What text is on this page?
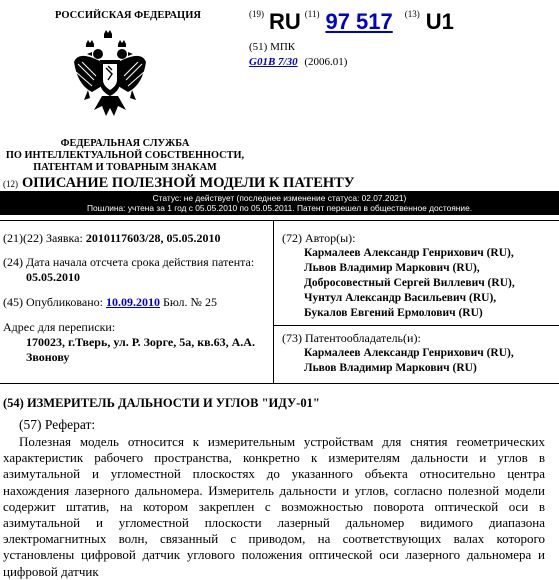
РОССИЙСКАЯ ФЕДЕРАЦИЯ
ФЕДЕРАЛЬНАЯ СЛУЖБА
ПО ИНТЕЛЛЕКТУАЛЬНОЙ СОБСТВЕННОСТИ,
ПАТЕНТАМ И ТОВАРНЫМ ЗНАКАМ
$^{(19)}$ RU $^{(11)}$ 97 517 $^{(13)}$ U1
(51) МПК
G01B 7/30 (2006.01)
(12) ОПИСАНИЕ ПОЛЕЗНОЙ МОДЕЛИ К ПАТЕНТУ
Статус: не действует (последнее изменение статуса: 02.07.2021)
Пошлина: учтена за 1 год с 05.05.2010 по 05.05.2011. Патент перешел в общественное достояние.
(21)(22) Заявка: 2010117603/28, 05.05.2010
(24) Дата начала отсчета срока действия патента:
05.05.2010
(45) Опубликовано: 10.09.2010 Бюл. № 25
Адрес для переписки:
170023, г.Тверь, ул. Р. Зорге, 5а, кв.63, А.А.
Звонову
(72) Автор(ы):
Кармалеев Александр Генрихович (RU),
Львов Владимир Маркович (RU),
Добросовестный Сергей Виллевич (RU),
Чунтул Александр Васильевич (RU),
Букалов Евгений Ермолович (RU)
(73) Патентообладатель(и):
Кармалеев Александр Генрихович (RU),
Львов Владимир Маркович (RU)
(54) ИЗМЕРИТЕЛЬ ДАЛЬНОСТИ И УГЛОВ "ИДУ-01"
(57) Реферат:

Полезная модель относится к измерительным устройствам для снятия геометрических характеристик рабочего пространства, конкретно к измерителям дальности и углов в азимутальной и угломестной плоскостях до указанного объекта относительно центра нахождения лазерного дальномера. Измеритель дальности и углов, согласно полезной модели содержит штатив, на котором закреплен с возможностью поворота оптической оси в азимутальной и угломестной плоскости лазерный дальномер видимого диапазона электромагнитных волн, связанный с приводом, на соответствующих валах которого установлены цифровой датчик углового положения оптической оси лазерного дальномера и цифровой датчик
